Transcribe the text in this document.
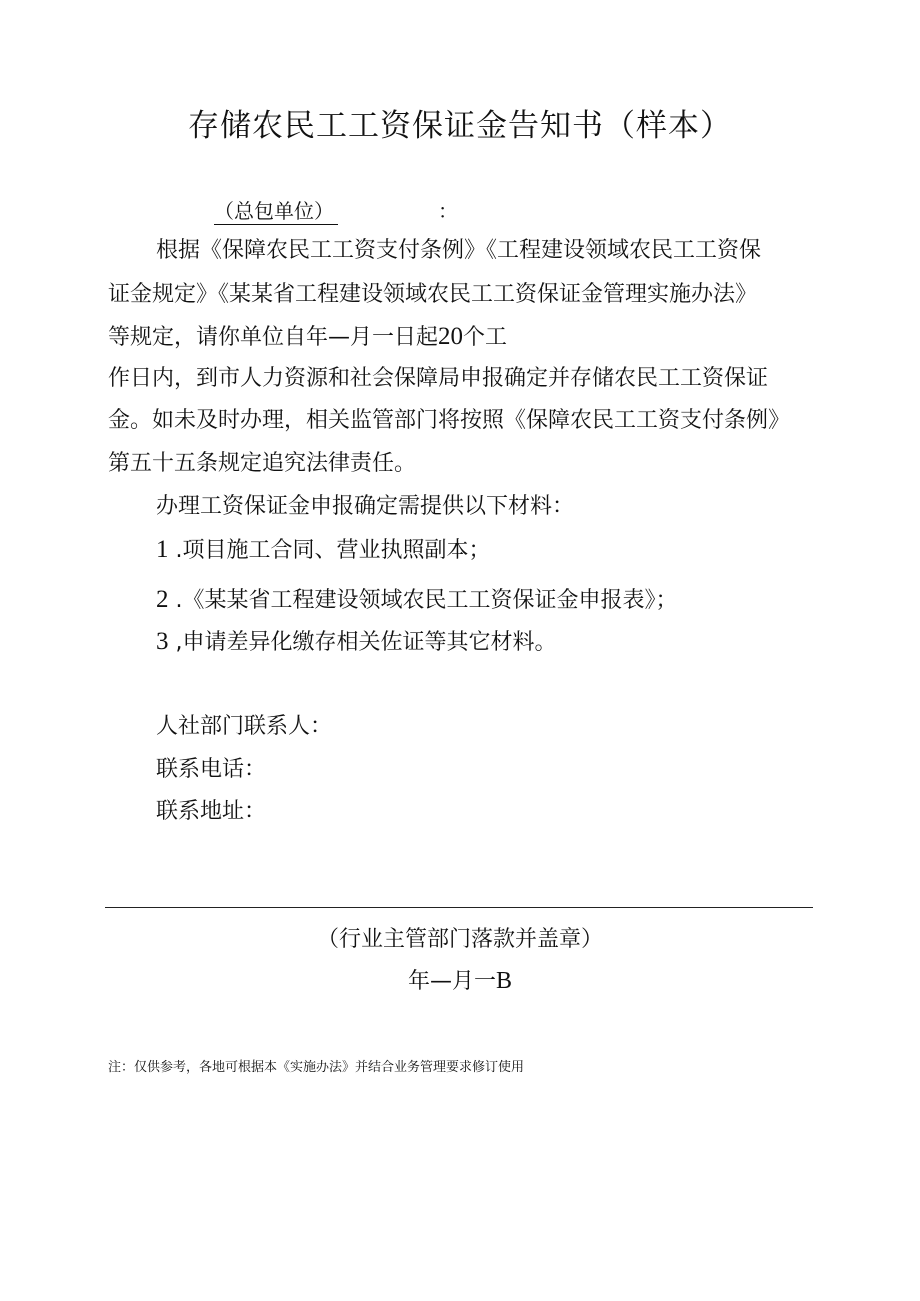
存储农民工工资保证金告知书（样本）
（总包单位）	：
根据《保障农民工工资支付条例》《工程建设领域农民工工资保
证金规定》《某某省工程建设领域农民工工资保证金管理实施办法》
等规定，请你单位自年—月一日起20个工
作日内，到市人力资源和社会保障局申报确定并存储农民工工资保证
金。如未及时办理，相关监管部门将按照《保障农民工工资支付条例》
第五十五条规定追究法律责任。
办理工资保证金申报确定需提供以下材料：
1 .项目施工合同、营业执照副本；
2 .《某某省工程建设领域农民工工资保证金申报表》；
3 ,申请差异化缴存相关佐证等其它材料。
人社部门联系人：
联系电话：
联系地址：
（行业主管部门落款并盖章）
年—月一B
注：仅供参考，各地可根据本《实施办法》并结合业务管理要求修订使用
